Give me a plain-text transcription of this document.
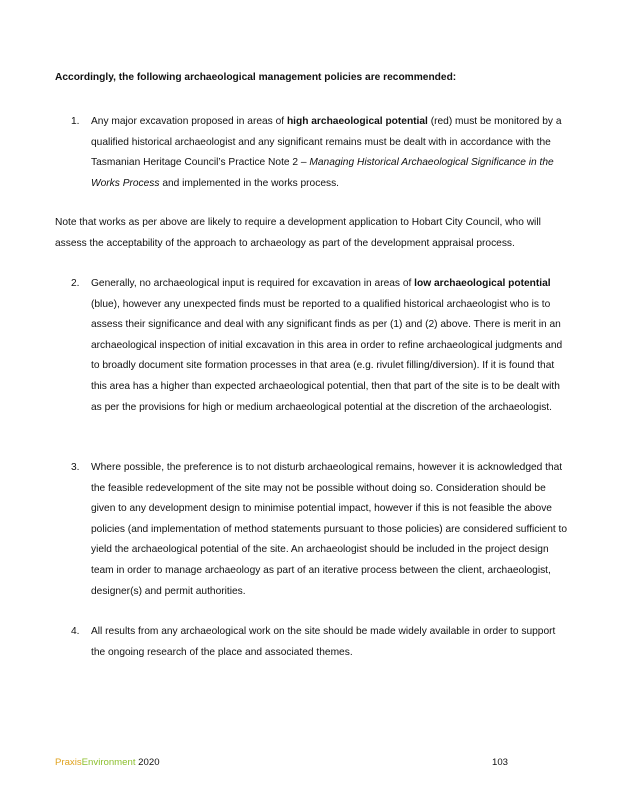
Accordingly, the following archaeological management policies are recommended:
1.	Any major excavation proposed in areas of high archaeological potential (red) must be monitored by a qualified historical archaeologist and any significant remains must be dealt with in accordance with the Tasmanian Heritage Council’s Practice Note 2 – Managing Historical Archaeological Significance in the Works Process and implemented in the works process.
Note that works as per above are likely to require a development application to Hobart City Council, who will assess the acceptability of the approach to archaeology as part of the development appraisal process.
2.	Generally, no archaeological input is required for excavation in areas of low archaeological potential (blue), however any unexpected finds must be reported to a qualified historical archaeologist who is to assess their significance and deal with any significant finds as per (1) and (2) above. There is merit in an archaeological inspection of initial excavation in this area in order to refine archaeological judgments and to broadly document site formation processes in that area (e.g. rivulet filling/diversion). If it is found that this area has a higher than expected archaeological potential, then that part of the site is to be dealt with as per the provisions for high or medium archaeological potential at the discretion of the archaeologist.
3.	Where possible, the preference is to not disturb archaeological remains, however it is acknowledged that the feasible redevelopment of the site may not be possible without doing so. Consideration should be given to any development design to minimise potential impact, however if this is not feasible the above policies (and implementation of method statements pursuant to those policies) are considered sufficient to yield the archaeological potential of the site. An archaeologist should be included in the project design team in order to manage archaeology as part of an iterative process between the client, archaeologist, designer(s) and permit authorities.
4.	All results from any archaeological work on the site should be made widely available in order to support the ongoing research of the place and associated themes.
PraxisEnvironment 2020	103
